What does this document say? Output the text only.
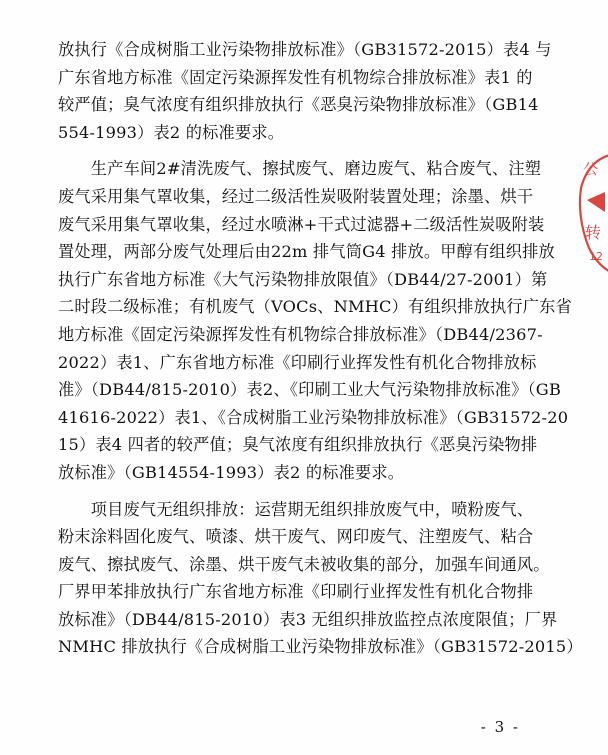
放执行《合成树脂工业污染物排放标准》（GB31572-2015）表4 与
广东省地方标准《固定污染源挥发性有机物综合排放标准》表1 的
较严值；臭气浓度有组织排放执行《恶臭污染物排放标准》（GB14
554-1993）表2 的标准要求。
　　生产车间2#清洗废气、擦拭废气、磨边废气、粘合废气、注塑
废气采用集气罩收集，经过二级活性炭吸附装置处理；涂墨、烘干
废气采用集气罩收集，经过水喷淋+干式过滤器+二级活性炭吸附装
置处理，两部分废气处理后由22m 排气筒G4 排放。甲醇有组织排放
执行广东省地方标准《大气污染物排放限值》（DB44/27-2001）第
二时段二级标准；有机废气（VOCs、NMHC）有组织排放执行广东省
地方标准《固定污染源挥发性有机物综合排放标准》（DB44/2367-
2022）表1、广东省地方标准《印刷行业挥发性有机化合物排放标
准》（DB44/815-2010）表2、《印刷工业大气污染物排放标准》（GB
41616-2022）表1、《合成树脂工业污染物排放标准》（GB31572-20
15）表4 四者的较严值；臭气浓度有组织排放执行《恶臭污染物排
放标准》（GB14554-1993）表2 的标准要求。
　　项目废气无组织排放：运营期无组织排放废气中，喷粉废气、
粉末涂料固化废气、喷漆、烘干废气、网印废气、注塑废气、粘合
废气、擦拭废气、涂墨、烘干废气未被收集的部分，加强车间通风。
厂界甲苯排放执行广东省地方标准《印刷行业挥发性有机化合物排
放标准》（DB44/815-2010）表3 无组织排放监控点浓度限值；厂界
NMHC 排放执行《合成树脂工业污染物排放标准》（GB31572-2015）
公
转
12
- 3 -
